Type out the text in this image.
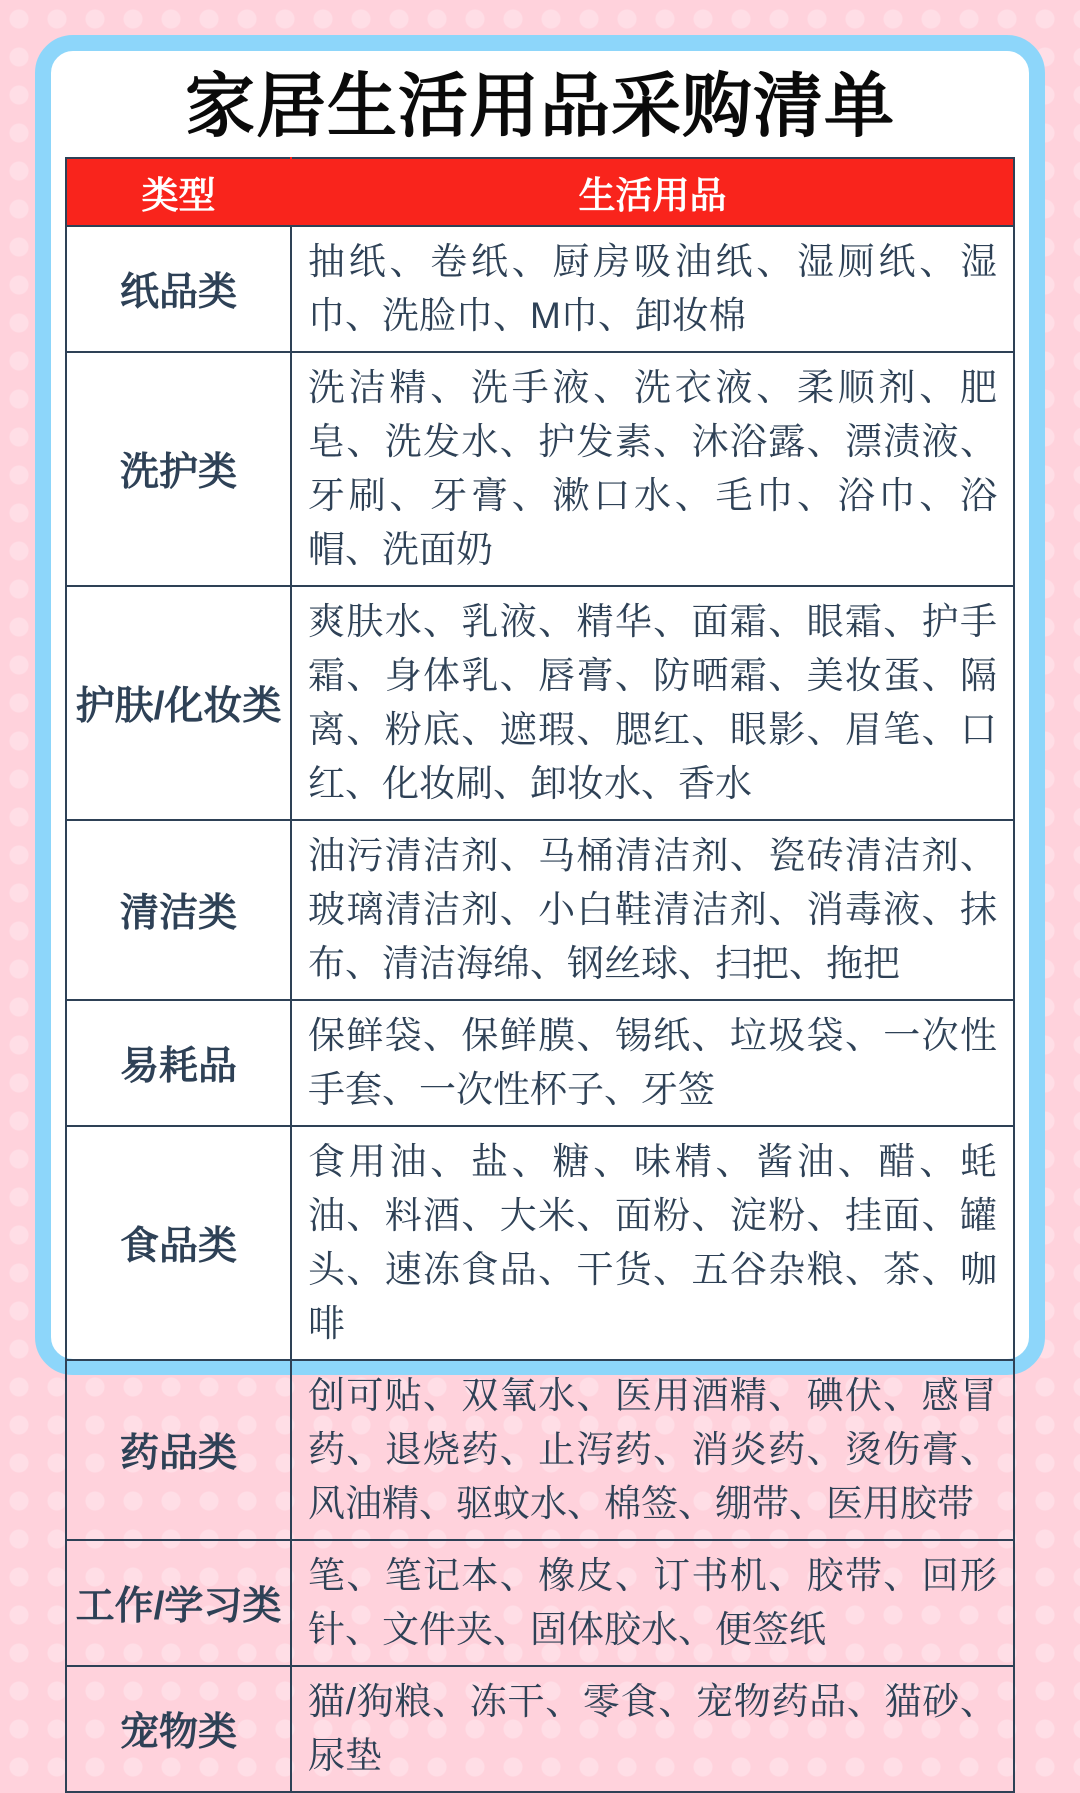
家居生活用品采购清单
类型	生活用品
纸品类	抽纸、卷纸、厨房吸油纸、湿厕纸、湿巾、洗脸巾、M巾、卸妆棉
洗护类	洗洁精、洗手液、洗衣液、柔顺剂、肥皂、洗发水、护发素、沐浴露、漂渍液、牙刷、牙膏、漱口水、毛巾、浴巾、浴帽、洗面奶
护肤/化妆类	爽肤水、乳液、精华、面霜、眼霜、护手霜、身体乳、唇膏、防晒霜、美妆蛋、隔离、粉底、遮瑕、腮红、眼影、眉笔、口红、化妆刷、卸妆水、香水
清洁类	油污清洁剂、马桶清洁剂、瓷砖清洁剂、玻璃清洁剂、小白鞋清洁剂、消毒液、抹布、清洁海绵、钢丝球、扫把、拖把
易耗品	保鲜袋、保鲜膜、锡纸、垃圾袋、一次性手套、一次性杯子、牙签
食品类	食用油、盐、糖、味精、酱油、醋、蚝油、料酒、大米、面粉、淀粉、挂面、罐头、速冻食品、干货、五谷杂粮、茶、咖啡
药品类	创可贴、双氧水、医用酒精、碘伏、感冒药、退烧药、止泻药、消炎药、烫伤膏、风油精、驱蚊水、棉签、绷带、医用胶带
工作/学习类	笔、笔记本、橡皮、订书机、胶带、回形针、文件夹、固体胶水、便签纸
宠物类	猫/狗粮、冻干、零食、宠物药品、猫砂、尿垫
